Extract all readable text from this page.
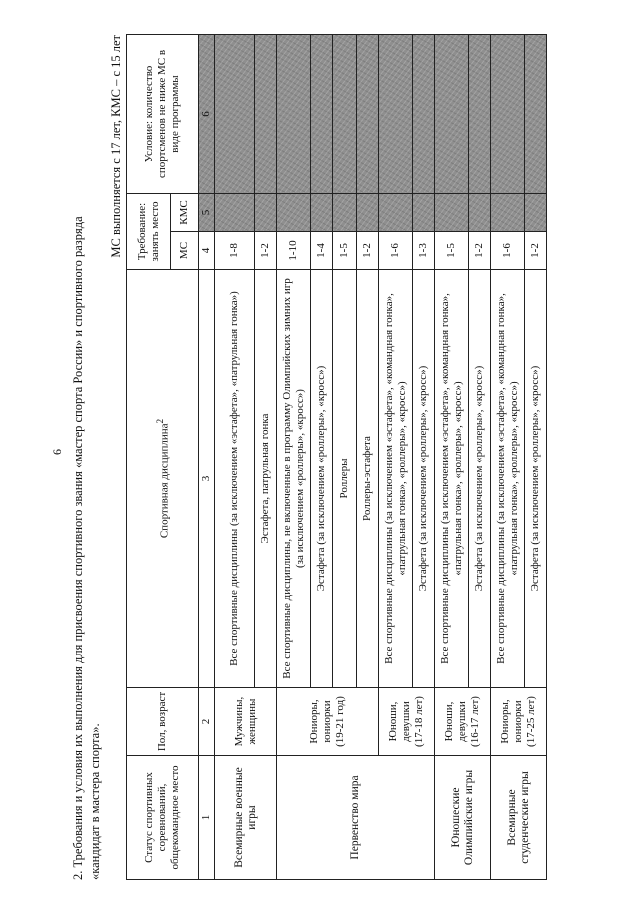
6 2. Требования и условия их выполнения для присвоения спортивного звания «мастер спорта России» и спортивного разряда «кандидат в мастера спорта».
МС выполняется с 17 лет, КМС – с 15 лет
Статус спортивных соревнований, общекомандное место	Пол, возраст	Спортивная дисциплина$^2$	Требование: занять место		Условие: количество спортсменов не ниже МС в виде программы
			МС	КМС	
1	2	3	4	5	6
Всемирные военные игры	Мужчины, женщины	Все спортивные дисциплины (за исключением «эстафета», «патрульная гонка»)	1-8		
		Эстафета, патрульная гонка	1-2		
Первенство мира	Юниоры, юниорки (19-21 год)	Все спортивные дисциплины, не включенные в программу Олимпийских зимних игр (за исключением «роллеры», «кросс»)	1-10		
		Эстафета (за исключением «роллеры», «кросс»)	1-4		
		Роллеры	1-5		
		Роллеры-эстафета	1-2		
	Юноши, девушки (17-18 лет)	Все спортивные дисциплины (за исключением «эстафета», «командная гонка», «патрульная гонка», «роллеры», «кросс»)	1-6		
		Эстафета (за исключением «роллеры», «кросс»)	1-3		
Юношеские Олимпийские игры	Юноши, девушки (16-17 лет)	Все спортивные дисциплины (за исключением «эстафета», «командная гонка», «патрульная гонка», «роллеры», «кросс»)	1-5		
		Эстафета (за исключением «роллеры», «кросс»)	1-2		
Всемирные студенческие игры	Юниоры, юниорки (17-25 лет)	Все спортивные дисциплины (за исключением «эстафета», «командная гонка», «патрульная гонка», «роллеры», «кросс»)	1-6		
		Эстафета (за исключением «роллеры», «кросс»)	1-2		
